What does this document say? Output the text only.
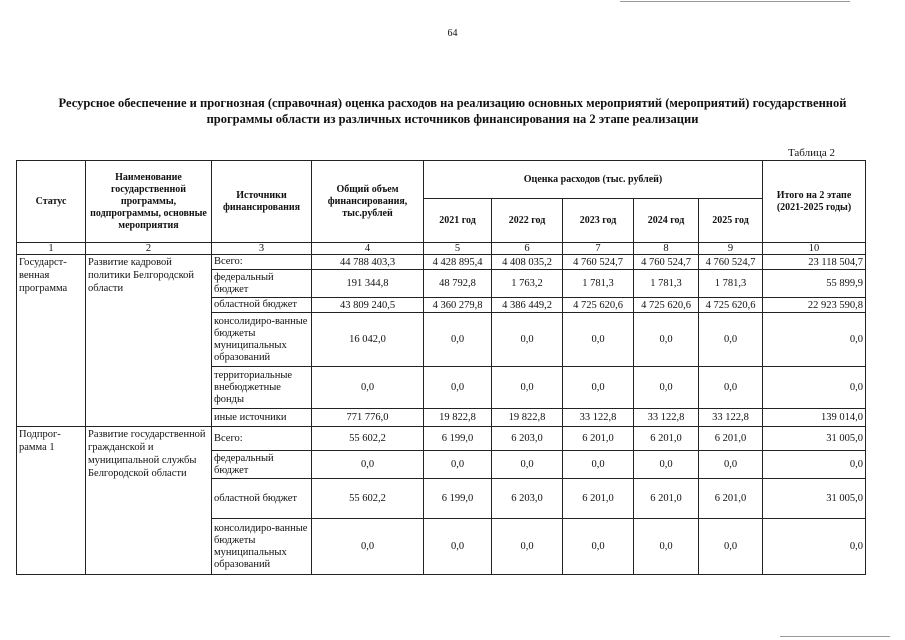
64
Ресурсное обеспечение и прогнозная (справочная) оценка расходов на реализацию основных мероприятий (мероприятий) государственной
программы области из различных источников финансирования на 2 этапе реализации
Таблица 2
Статус	Наименование государственной программы, подпрограммы, основные мероприятия	Источники финансирования	Общий объем финансирования, тыс.рублей	Оценка расходов (тыс. рублей)					Итого на 2 этапе (2021-2025 годы)
				2021 год	2022 год	2023 год	2024 год	2025 год	
1	2	3	4	5	6	7	8	9	10
Государст-венная программа	Развитие кадровой политики Белгородской области	Всего:	44 788 403,3	4 428 895,4	4 408 035,2	4 760 524,7	4 760 524,7	4 760 524,7	23 118 504,7
		федеральный бюджет	191 344,8	48 792,8	1 763,2	1 781,3	1 781,3	1 781,3	55 899,9
		областной бюджет	43 809 240,5	4 360 279,8	4 386 449,2	4 725 620,6	4 725 620,6	4 725 620,6	22 923 590,8
		консолидиро-ванные бюджеты муниципальных образований	16 042,0	0,0	0,0	0,0	0,0	0,0	0,0
		территориальные внебюджетные фонды	0,0	0,0	0,0	0,0	0,0	0,0	0,0
		иные источники	771 776,0	19 822,8	19 822,8	33 122,8	33 122,8	33 122,8	139 014,0
Подпрог-рамма 1	Развитие государственной гражданской и муниципальной службы Белгородской области	Всего:	55 602,2	6 199,0	6 203,0	6 201,0	6 201,0	6 201,0	31 005,0
		федеральный бюджет	0,0	0,0	0,0	0,0	0,0	0,0	0,0
		областной бюджет	55 602,2	6 199,0	6 203,0	6 201,0	6 201,0	6 201,0	31 005,0
		консолидиро-ванные бюджеты муниципальных образований	0,0	0,0	0,0	0,0	0,0	0,0	0,0
